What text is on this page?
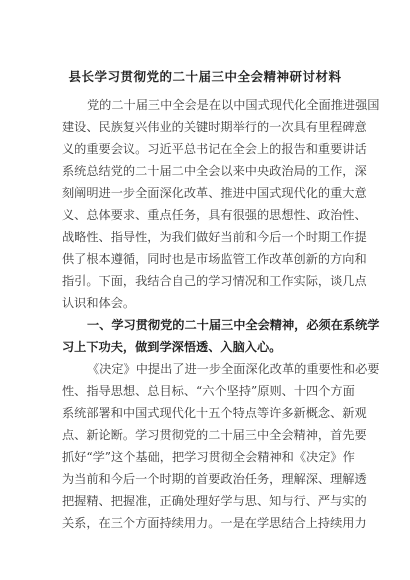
县长学习贯彻党的二十届三中全会精神研讨材料
党的二十届三中全会是在以中国式现代化全面推进强国
建设、民族复兴伟业的关键时期举行的一次具有里程碑意
义的重要会议。习近平总书记在全会上的报告和重要讲话
系统总结党的二十届二中全会以来中央政治局的工作，深
刻阐明进一步全面深化改革、推进中国式现代化的重大意
义、总体要求、重点任务，具有很强的思想性、政治性、
战略性、指导性，为我们做好当前和今后一个时期工作提
供了根本遵循，同时也是市场监管工作改革创新的方向和
指引。下面，我结合自己的学习情况和工作实际，谈几点
认识和体会。
一、学习贯彻党的二十届三中全会精神，必须在系统学
习上下功夫，做到学深悟透、入脑入心。
《决定》中提出了进一步全面深化改革的重要性和必要
性、指导思想、总目标、“六个坚持”原则、十四个方面
系统部署和中国式现代化十五个特点等许多新概念、新观
点、新论断。学习贯彻党的二十届三中全会精神，首先要
抓好“学”这个基础，把学习贯彻全会精神和《决定》作
为当前和今后一个时期的首要政治任务，理解深、理解透
把握精、把握准，正确处理好学与思、知与行、严与实的
关系，在三个方面持续用力。一是在学思结合上持续用力
